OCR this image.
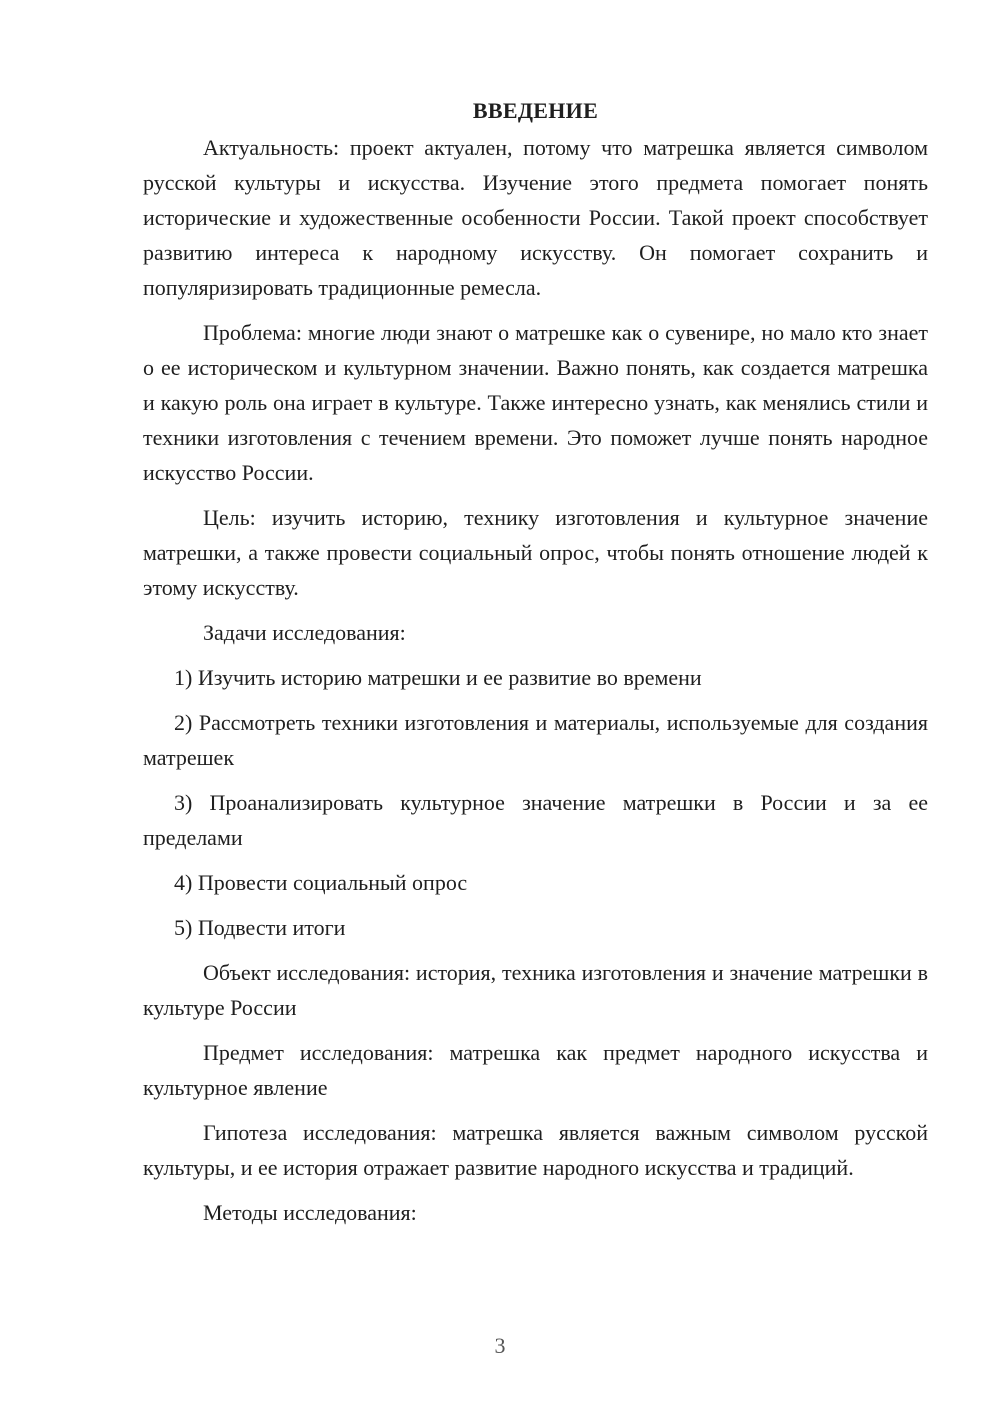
ВВЕДЕНИЕ

Актуальность: проект актуален, потому что матрешка является символом русской культуры и искусства. Изучение этого предмета помогает понять исторические и художественные особенности России. Такой проект способствует развитию интереса к народному искусству. Он помогает сохранить и популяризировать традиционные ремесла.

Проблема: многие люди знают о матрешке как о сувенире, но мало кто знает о ее историческом и культурном значении. Важно понять, как создается матрешка и какую роль она играет в культуре. Также интересно узнать, как менялись стили и техники изготовления с течением времени. Это поможет лучше понять народное искусство России.

Цель: изучить историю, технику изготовления и культурное значение матрешки, а также провести социальный опрос, чтобы понять отношение людей к этому искусству.

Задачи исследования:

1) Изучить историю матрешки и ее развитие во времени

2) Рассмотреть техники изготовления и материалы, используемые для создания матрешек

3) Проанализировать культурное значение матрешки в России и за ее пределами

4) Провести социальный опрос

5) Подвести итоги

Объект исследования: история, техника изготовления и значение матрешки в культуре России

Предмет исследования: матрешка как предмет народного искусства и культурное явление

Гипотеза исследования: матрешка является важным символом русской культуры, и ее история отражает развитие народного искусства и традиций.

Методы исследования:

3
